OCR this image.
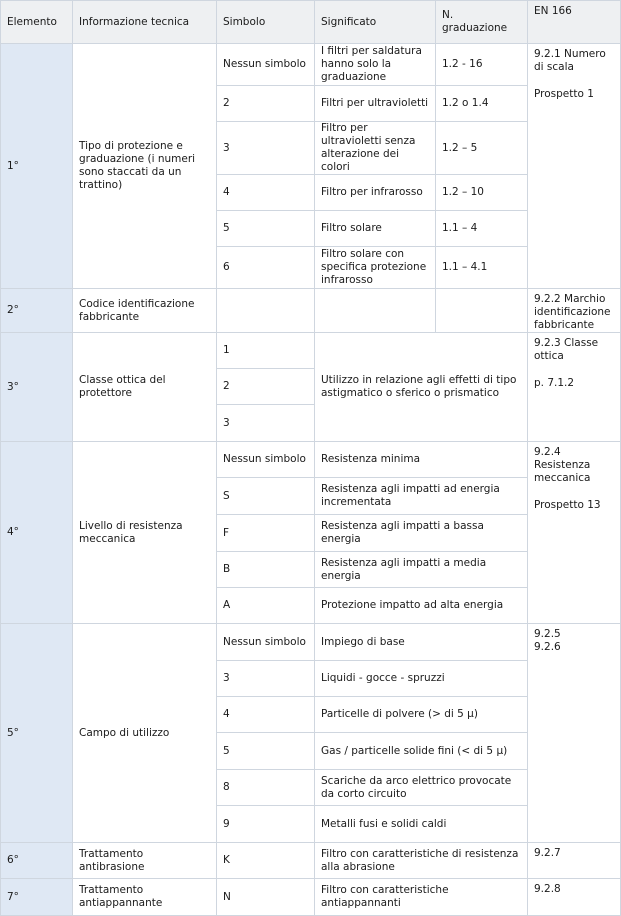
Elemento	Informazione tecnica	Simbolo	Significato	N. graduazione	EN 166
1°	Tipo di protezione e graduazione (i numeri sono staccati da un trattino)	Nessun simbolo	I filtri per saldatura hanno solo la graduazione	1.2 - 16	9.2.1 Numero di scala
Prospetto 1

		2	Filtri per ultravioletti	1.2 o 1.4	
		3	Filtro per ultravioletti senza alterazione dei colori	1.2 – 5	
		4	Filtro per infrarosso	1.2 – 10	
		5	Filtro solare	1.1 – 4	
		6	Filtro solare con specifica protezione infrarosso	1.1 – 4.1	
2°	Codice identificazione fabbricante				9.2.2 Marchio identificazione fabbricante

3°	Classe ottica del protettore	1	Utilizzo in relazione agli effetti di tipo astigmatico o sferico o prismatico		9.2.3 Classe ottica
p. 7.1.2

		2			
		3			
4°	Livello di resistenza meccanica	Nessun simbolo	Resistenza minima		9.2.4 Resistenza meccanica
Prospetto 13

		S	Resistenza agli impatti ad energia incrementata		
		F	Resistenza agli impatti a bassa energia		
		B	Resistenza agli impatti a media energia		
		A	Protezione impatto ad alta energia		
5°	Campo di utilizzo	Nessun simbolo	Impiego di base		9.2.5
9.2.6

		3	Liquidi - gocce - spruzzi		
		4	Particelle di polvere (> di 5 μ)		
		5	Gas / particelle solide fini (< di 5 μ)		
		8	Scariche da arco elettrico provocate da corto circuito		
		9	Metalli fusi e solidi caldi		
6°	Trattamento antibrasione	K	Filtro con caratteristiche di resistenza alla abrasione		9.2.7

7°	Trattamento antiappannante	N	Filtro con caratteristiche antiappannanti		9.2.8
